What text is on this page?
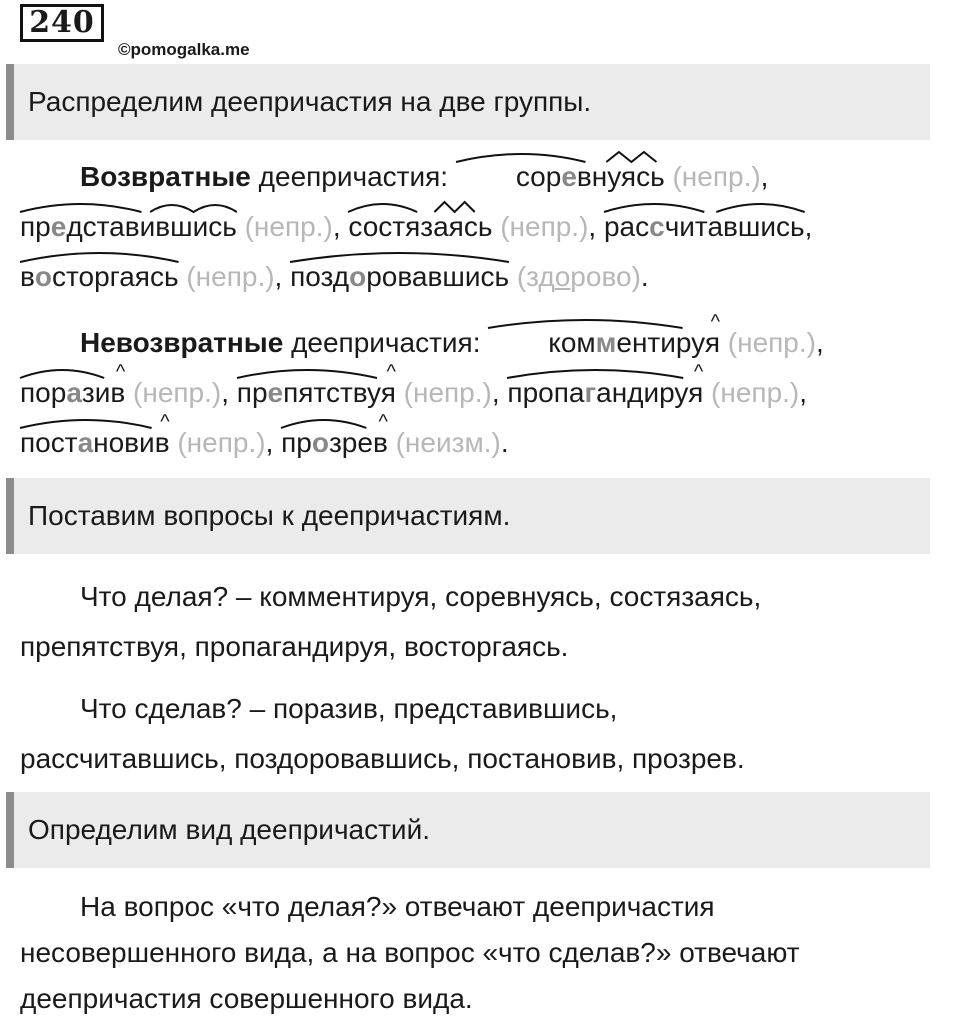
240
©pomogalka.me
Распределим деепричастия на две группы.
Возвратные деепричастия:
соревнуясь (непр.),
представившись (непр.), состязаясь (непр.), рассчитавшись,
восторгаясь (непр.), поздоровавшись (здорово).
Невозвратные деепричастия:
^
комментируя (непр.),
^
поразив (непр.),
^
препятствуя (непр.),
^
пропагандируя (непр.),
^
постановив (непр.),
^
прозрев (неизм.).
Поставим вопросы к деепричастиям.
Что делая? – комментируя, соревнуясь, состязаясь,
препятствуя, пропагандируя, восторгаясь.
Что сделав? – поразив, представившись,
рассчитавшись, поздоровавшись, постановив, прозрев.
Определим вид деепричастий.
На вопрос «что делая?» отвечают деепричастия
несовершенного вида, а на вопрос «что сделав?» отвечают
деепричастия совершенного вида.
